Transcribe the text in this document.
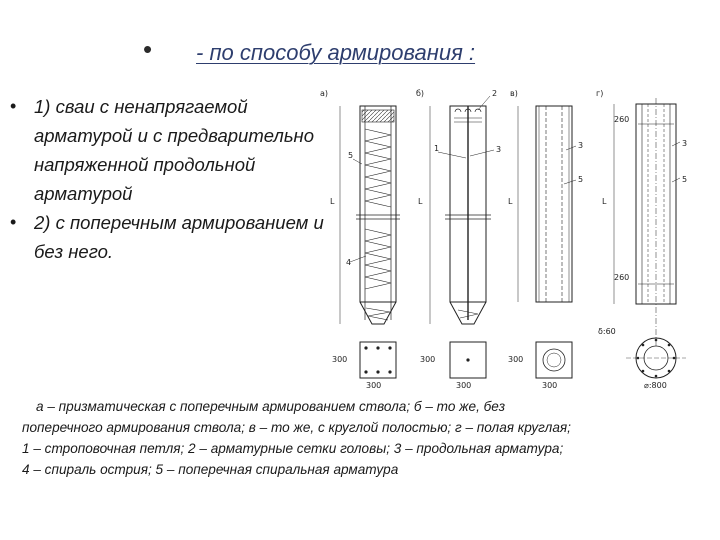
• - по способу армирования :
• 1) сваи с ненапрягаемой арматурой и с предварительно напряженной продольной арматурой
• 2) с поперечным армированием и без него.
а)
L
5
4
б)
L
1	3
2 в)
L
3
5
г)
L
260
260
3
5
300
300
300
300
300
300
δ:60
⌀:800

а – призматическая с поперечным армированием ствола; б – то же, без
поперечного армирования ствола; в – то же, с круглой полостью; г – полая круглая;
1 – строповочная петля; 2 – арматурные сетки головы; 3 – продольная арматура;
4 – спираль острия; 5 – поперечная спиральная арматура
